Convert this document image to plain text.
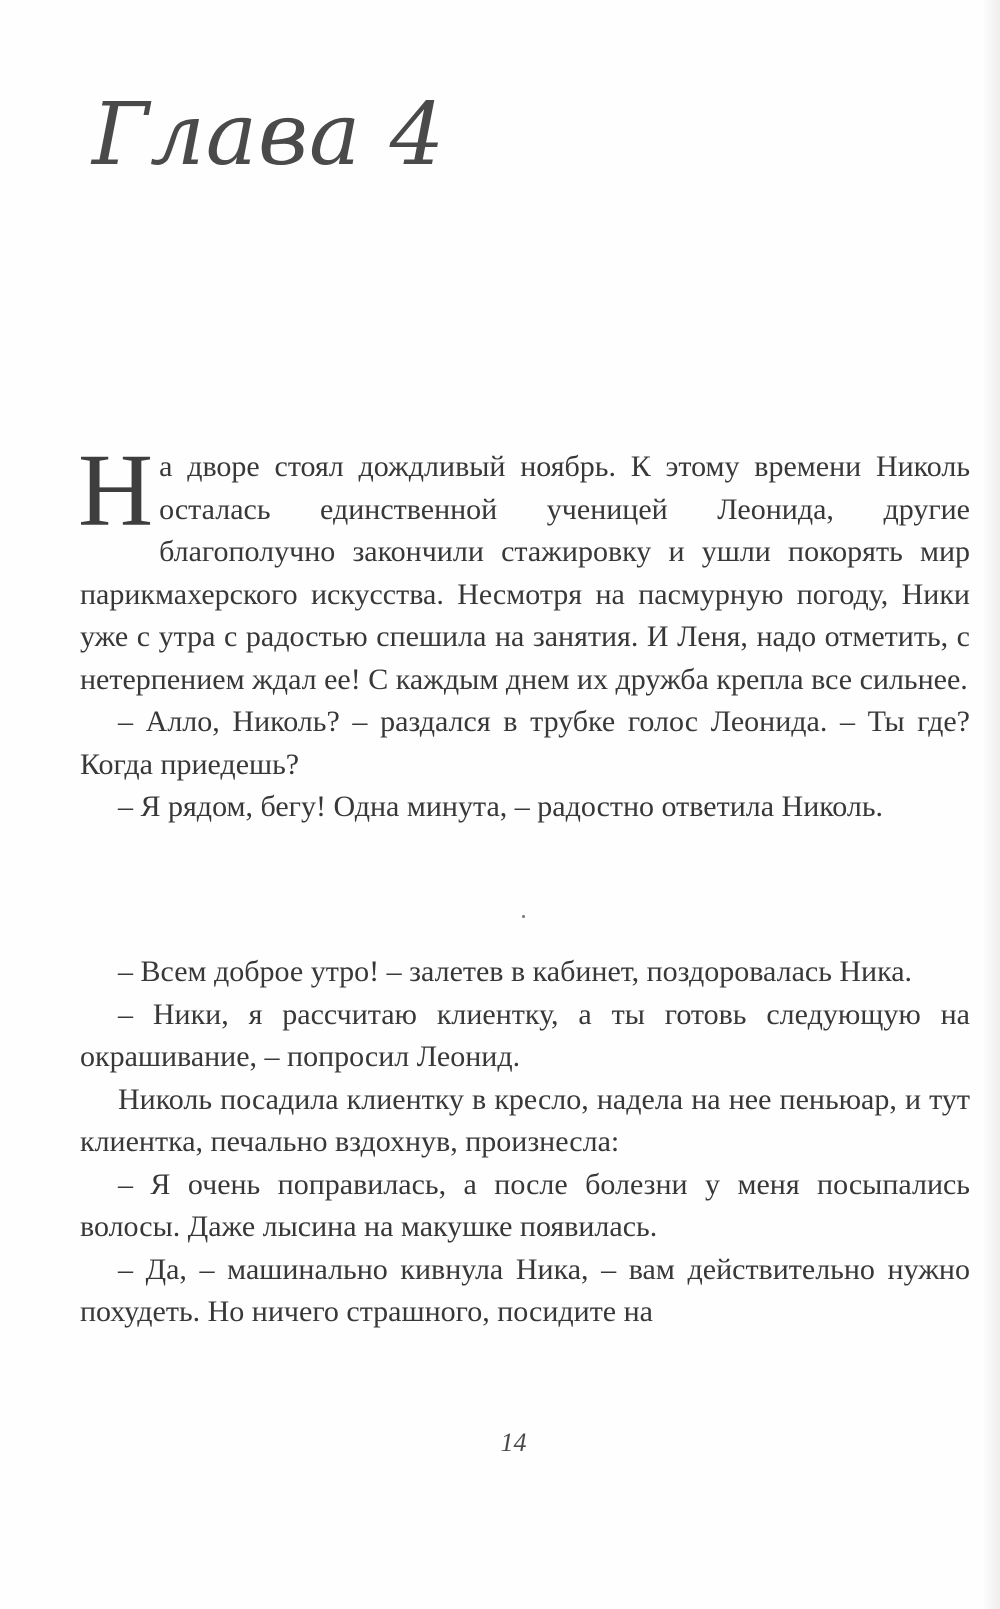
Глава 4

На дворе стоял дождливый ноябрь. К этому времени Николь осталась единственной ученицей Леонида, другие благополучно закончили стажировку и ушли покорять мир парикмахерского искусства. Несмотря на пасмурную погоду, Ники уже с утра с радостью спешила на занятия. И Леня, надо отметить, с нетерпением ждал ее! С каждым днем их дружба крепла все сильнее.

– Алло, Николь? – раздался в трубке голос Леонида. – Ты где? Когда приедешь?

– Я рядом, бегу! Одна минута, – радостно ответила Николь.

– Всем доброе утро! – залетев в кабинет, поздоровалась Ника.

– Ники, я рассчитаю клиентку, а ты готовь следующую на окрашивание, – попросил Леонид.

Николь посадила клиентку в кресло, надела на нее пеньюар, и тут клиентка, печально вздохнув, произнесла:

– Я очень поправилась, а после болезни у меня посыпались волосы. Даже лысина на макушке появилась.

– Да, – машинально кивнула Ника, – вам действительно нужно похудеть. Но ничего страшного, посидите на

14
